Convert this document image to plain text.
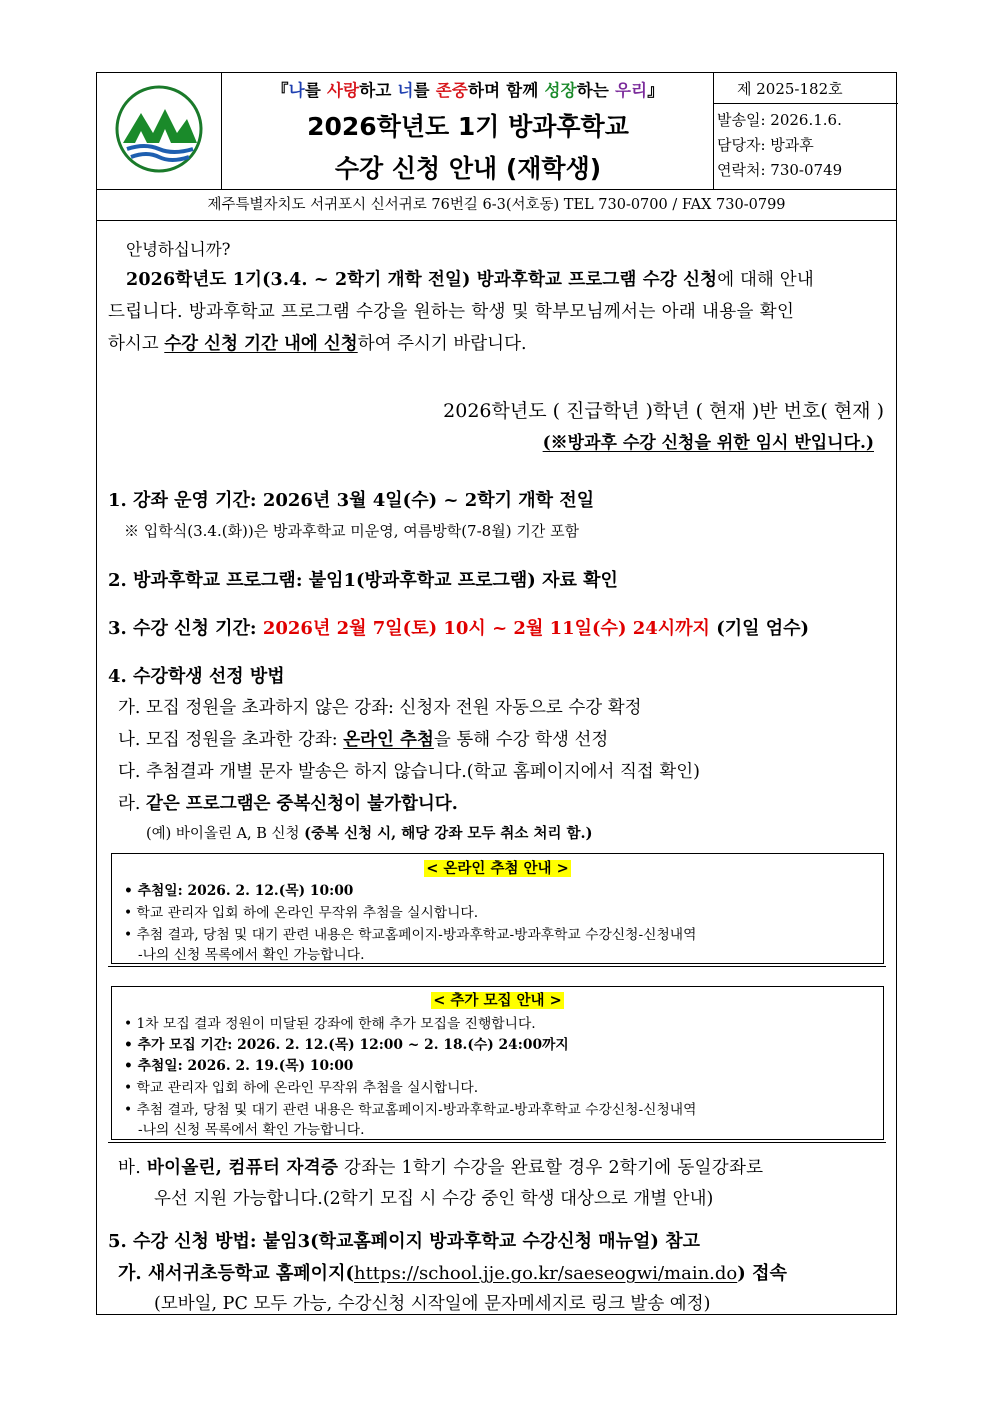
『나를 사랑하고 너를 존중하며 함께 성장하는 우리』
2026학년도 1기 방과후학교
수강 신청 안내 (재학생)
제 2025-182호
발송일: 2026.1.6.
담당자: 방과후
연락처: 730-0749
제주특별자치도 서귀포시 신서귀로 76번길 6-3(서호동) TEL 730-0700 / FAX 730-0799
안녕하십니까?
2026학년도 1기(3.4. ~ 2학기 개학 전일) 방과후학교 프로그램 수강 신청에 대해 안내
드립니다. 방과후학교 프로그램 수강을 원하는 학생 및 학부모님께서는 아래 내용을 확인
하시고 수강 신청 기간 내에 신청하여 주시기 바랍니다.
2026학년도 ( 진급학년 )학년 ( 현재 )반 번호( 현재 )
(※방과후 수강 신청을 위한 임시 반입니다.)
1. 강좌 운영 기간: 2026년 3월 4일(수) ~ 2학기 개학 전일
※ 입학식(3.4.(화))은 방과후학교 미운영, 여름방학(7-8월) 기간 포함
2. 방과후학교 프로그램: 붙임1(방과후학교 프로그램) 자료 확인
3. 수강 신청 기간: 2026년 2월 7일(토) 10시 ~ 2월 11일(수) 24시까지 (기일 엄수)
4. 수강학생 선정 방법
가. 모집 정원을 초과하지 않은 강좌: 신청자 전원 자동으로 수강 확정
나. 모집 정원을 초과한 강좌: 온라인 추첨을 통해 수강 학생 선정
다. 추첨결과 개별 문자 발송은 하지 않습니다.(학교 홈페이지에서 직접 확인)
라. 같은 프로그램은 중복신청이 불가합니다.
(예) 바이올린 A, B 신청 (중복 신청 시, 해당 강좌 모두 취소 처리 함.)
< 온라인 추첨 안내 >
• 추첨일: 2026. 2. 12.(목) 10:00
• 학교 관리자 입회 하에 온라인 무작위 추첨을 실시합니다.
• 추첨 결과, 당첨 및 대기 관련 내용은 학교홈페이지-방과후학교-방과후학교 수강신청-신청내역
-나의 신청 목록에서 확인 가능합니다.
< 추가 모집 안내 >
• 1차 모집 결과 정원이 미달된 강좌에 한해 추가 모집을 진행합니다.
• 추가 모집 기간: 2026. 2. 12.(목) 12:00 ~ 2. 18.(수) 24:00까지
• 추첨일: 2026. 2. 19.(목) 10:00
• 학교 관리자 입회 하에 온라인 무작위 추첨을 실시합니다.
• 추첨 결과, 당첨 및 대기 관련 내용은 학교홈페이지-방과후학교-방과후학교 수강신청-신청내역
-나의 신청 목록에서 확인 가능합니다.
바. 바이올린, 컴퓨터 자격증 강좌는 1학기 수강을 완료할 경우 2학기에 동일강좌로
우선 지원 가능합니다.(2학기 모집 시 수강 중인 학생 대상으로 개별 안내)
5. 수강 신청 방법: 붙임3(학교홈페이지 방과후학교 수강신청 매뉴얼) 참고
가. 새서귀초등학교 홈페이지(https://school.jje.go.kr/saeseogwi/main.do) 접속
(모바일, PC 모두 가능, 수강신청 시작일에 문자메세지로 링크 발송 예정)
